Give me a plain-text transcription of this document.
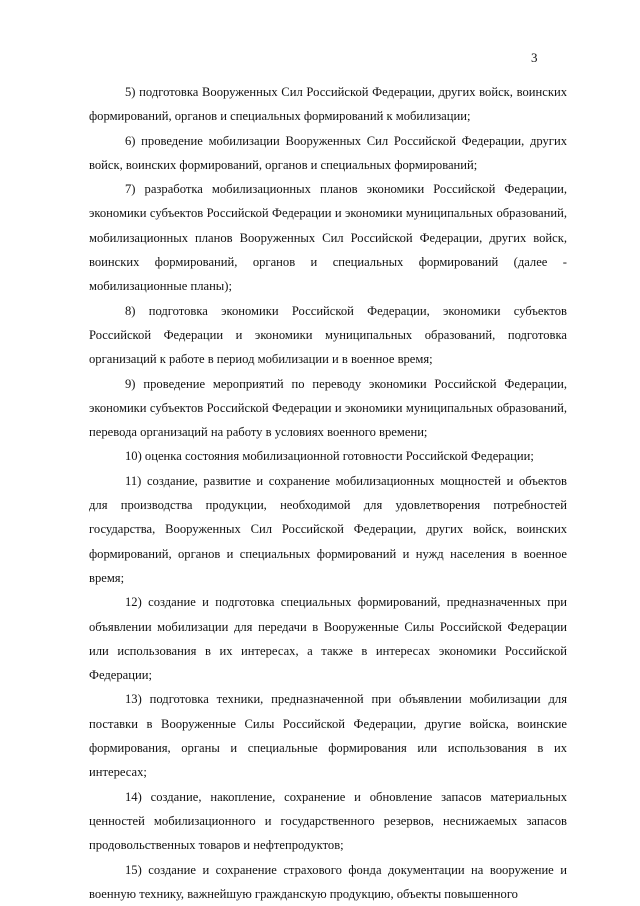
3

5) подготовка Вооруженных Сил Российской Федерации, других войск, воинских формирований, органов и специальных формирований к мобилизации;

6) проведение мобилизации Вооруженных Сил Российской Федерации, других войск, воинских формирований, органов и специальных формирований;

7) разработка мобилизационных планов экономики Российской Федерации, экономики субъектов Российской Федерации и экономики муниципальных образований, мобилизационных планов Вооруженных Сил Российской Федерации, других войск, воинских формирований, органов и специальных формирований (далее - мобилизационные планы);

8) подготовка экономики Российской Федерации, экономики субъектов Российской Федерации и экономики муниципальных образований, подготовка организаций к работе в период мобилизации и в военное время;

9) проведение мероприятий по переводу экономики Российской Федерации, экономики субъектов Российской Федерации и экономики муниципальных образований, перевода организаций на работу в условиях военного времени;

10) оценка состояния мобилизационной готовности Российской Федерации;

11) создание, развитие и сохранение мобилизационных мощностей и объектов для производства продукции, необходимой для удовлетворения потребностей государства, Вооруженных Сил Российской Федерации, других войск, воинских формирований, органов и специальных формирований и нужд населения в военное время;

12) создание и подготовка специальных формирований, предназначенных при объявлении мобилизации для передачи в Вооруженные Силы Российской Федерации или использования в их интересах, а также в интересах экономики Российской Федерации;

13) подготовка техники, предназначенной при объявлении мобилизации для поставки в Вооруженные Силы Российской Федерации, другие войска, воинские формирования, органы и специальные формирования или использования в их интересах;

14) создание, накопление, сохранение и обновление запасов материальных ценностей мобилизационного и государственного резервов, неснижаемых запасов продовольственных товаров и нефтепродуктов;

15) создание и сохранение страхового фонда документации на вооружение и военную технику, важнейшую гражданскую продукцию, объекты повышенного
